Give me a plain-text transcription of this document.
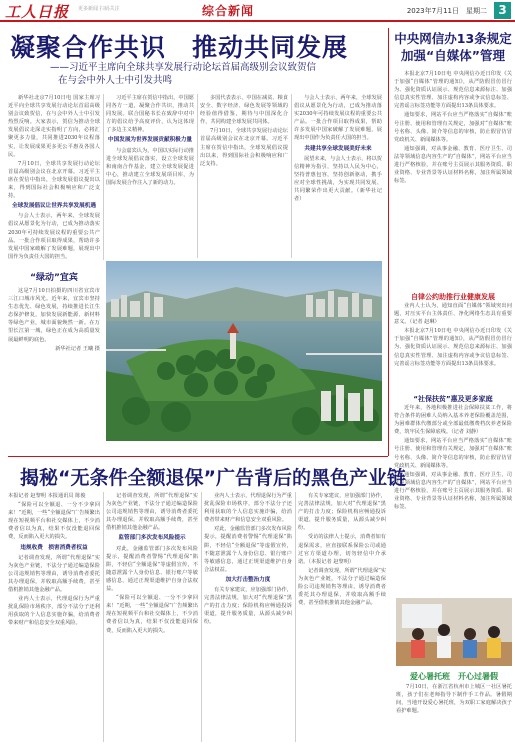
工人日报 更多新闻 扫码关注	综合新闻	2023年7月11日　星期二 3
凝聚合作共识　推动共同发展
——习近平主席向全球共享发展行动论坛首届高级别会议致贺信
在与会中外人士中引发共鸣

新华社北京7月10日电 国家主席习近平向全球共享发展行动论坛首届高级别会议致贺信，在与会中外人士中引发热烈反响。大家表示，贺信为推动全球发展倡议走深走实指明了方向，必将汇聚更多力量，共同推进2030年议程落实，让发展成果更多更公平惠及各国人民。

7月10日，全球共享发展行动论坛首届高级别会议在北京开幕。习近平主席在贺信中指出，全球发展倡议提出以来，得到国际社会积极响应和广泛支持。

全球发展倡议让世界共享发展机遇

与会人士表示，两年来，全球发展倡议从愿景化为行动，已成为推动落实2030年可持续发展议程的重要公共产品。一批合作项目取得成果，帮助许多发展中国家破解了发展难题，展现出中国作为负责任大国的担当。

习近平主席在贺信中指出，中国愿同各方一道，凝聚合作共识，推动共同发展。联合国秘书长在致辞中对中方的倡议给予高度评价，认为这体现了多边主义精神。

中国发展为世界发展贡献积极力量

与会嘉宾认为，中国以实际行动推进全球发展倡议落实，设立全球发展和南南合作基金，建立全球发展促进中心，推动建立全球发展项目库，为国际发展合作注入了新的动力。

多国代表表示，中国在减贫、粮食安全、数字经济、绿色发展等领域的经验值得借鉴，期待与中国深化合作，共同构建全球发展共同体。

7月10日，全球共享发展行动论坛首届高级别会议在北京开幕。习近平主席在贺信中指出，全球发展倡议提出以来，得到国际社会积极响应和广泛支持。

与会人士表示，两年来，全球发展倡议从愿景化为行动，已成为推动落实2030年可持续发展议程的重要公共产品。一批合作项目取得成果，帮助许多发展中国家破解了发展难题，展现出中国作为负责任大国的担当。

共建共享全球发展美好未来

展望未来，与会人士表示，将以贺信精神为指引，坚持以人民为中心，坚持普惠包容，坚持创新驱动，携手应对全球性挑战，为实现共同发展、共同繁荣作出更大贡献。（新华社记者）

“绿动”宜宾

这是7月10日拍摄的四川省宜宾市三江口城市风光。近年来，宜宾市坚持生态优先、绿色发展，持续推进长江生态保护修复，加快发展新能源、新材料等绿色产业，城市面貌焕然一新。在万里长江第一城，绿色正在成为高质量发展最鲜明的底色。

新华社记者 王曦 摄

中央网信办13条规定
加强“自媒体”管理

本报北京7月10日电 中央网信办近日印发《关于加强“自媒体”管理的通知》，从严防假冒仿冒行为、强化资质认证展示、规范信息来源标注、加强信息真实性管理、加注虚构内容或争议信息标签、完善谣言标签功能等方面提出13条具体要求。

通知要求，网站平台应当严格落实“自媒体”账号注册、使用和管理有关规定，加强对“自媒体”账号名称、头像、简介等信息的审核，防止假冒仿冒党政机关、新闻媒体等。

通知强调，对从事金融、教育、医疗卫生、司法等领域信息内容生产的“自媒体”，网站平台应当进行严格核验，并在账号主页展示其服务资质、职业资格、专业背景等认证材料名称，加注所属领域标签。

自律公约助推行业健康发展

业内人士认为，通知直面“自媒体”领域突出问题，对压实平台主体责任、净化网络生态具有重要意义。（记者 赵琳）

本报北京7月10日电 中央网信办近日印发《关于加强“自媒体”管理的通知》，从严防假冒仿冒行为、强化资质认证展示、规范信息来源标注、加强信息真实性管理、加注虚构内容或争议信息标签、完善谣言标签功能等方面提出13条具体要求。

“社保扶贫”惠及更多家庭

近年来，各地积极推进社会保障扶贫工作，将符合条件的困难人员纳入基本养老保险覆盖范围，为困难群体代缴部分或全部最低缴费档次养老保险费，筑牢民生保障底线。（记者 刘静）

通知要求，网站平台应当严格落实“自媒体”账号注册、使用和管理有关规定，加强对“自媒体”账号名称、头像、简介等信息的审核，防止假冒仿冒党政机关、新闻媒体等。

通知强调，对从事金融、教育、医疗卫生、司法等领域信息内容生产的“自媒体”，网站平台应当进行严格核验，并在账号主页展示其服务资质、职业资格、专业背景等认证材料名称，加注所属领域标签。

爱心暑托班　开心过暑假

7月10日，在浙江省杭州市上城区一社区暑托班，孩子们在老师指导下制作手工作品。暑假期间，当地开设爱心暑托班，为双职工家庭解决孩子看护难题。

揭秘“无条件全额退保”广告背后的黑色产业链

本报记者 赵黎明 本报通讯员 陈俊

“保险可以全额退、一分不少拿回来！”近期，一些“全额退保”广告频繁出现在短视频平台和社交媒体上，不少消费者信以为真，结果不仅没能退回保费，反而陷入更大的损失。

违规收费　损害消费者权益

记者调查发现，所谓“代理退保”实为灰色产业链，不法分子通过编造保险公司违规销售等理由，诱导消费者委托其办理退保，并收取高额手续费，甚至借机推销其他金融产品。

业内人士表示，代理退保行为严重扰乱保险市场秩序，部分不法分子还利用获取的个人信息实施诈骗，给消费者带来财产和信息安全双重风险。

记者调查发现，所谓“代理退保”实为灰色产业链，不法分子通过编造保险公司违规销售等理由，诱导消费者委托其办理退保，并收取高额手续费，甚至借机推销其他金融产品。

监管部门多次发布风险提示

对此，金融监管部门多次发布风险提示，提醒消费者警惕“代理退保”陷阱，不轻信“全额退保”等虚假宣传，不随意泄露个人身份信息、银行账户等敏感信息，通过正规渠道维护自身合法权益。

“保险可以全额退、一分不少拿回来！”近期，一些“全额退保”广告频繁出现在短视频平台和社交媒体上，不少消费者信以为真，结果不仅没能退回保费，反而陷入更大的损失。

业内人士表示，代理退保行为严重扰乱保险市场秩序，部分不法分子还利用获取的个人信息实施诈骗，给消费者带来财产和信息安全双重风险。

对此，金融监管部门多次发布风险提示，提醒消费者警惕“代理退保”陷阱，不轻信“全额退保”等虚假宣传，不随意泄露个人身份信息、银行账户等敏感信息，通过正规渠道维护自身合法权益。

加大打击整治力度

有关专家建议，应加强部门协作，完善法律法规，加大对“代理退保”黑产的打击力度；保险机构应畅通投诉渠道，提升服务质量，从源头减少纠纷。

有关专家建议，应加强部门协作，完善法律法规，加大对“代理退保”黑产的打击力度；保险机构应畅通投诉渠道，提升服务质量，从源头减少纠纷。

受访的法律人士提示，消费者如有退保需求，应直接联系保险公司或通过官方渠道办理，切勿轻信中介承诺。（本报记者 赵黎明）

记者调查发现，所谓“代理退保”实为灰色产业链，不法分子通过编造保险公司违规销售等理由，诱导消费者委托其办理退保，并收取高额手续费，甚至借机推销其他金融产品。
